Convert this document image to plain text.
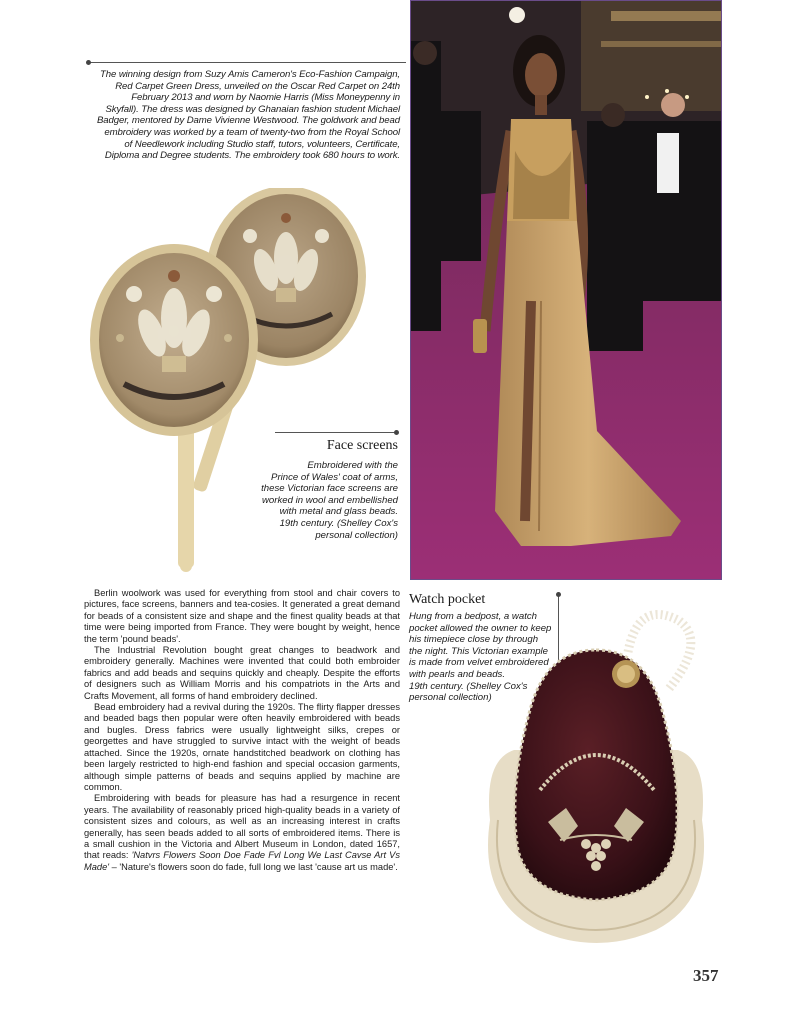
The winning design from Suzy Amis Cameron's Eco-Fashion Campaign,
Red Carpet Green Dress, unveiled on the Oscar Red Carpet on 24th
February 2013 and worn by Naomie Harris (Miss Moneypenny in
Skyfall). The dress was designed by Ghanaian fashion student Michael
Badger, mentored by Dame Vivienne Westwood. The goldwork and bead
embroidery was worked by a team of twenty-two from the Royal School
of Needlework including Studio staff, tutors, volunteers, Certificate,
Diploma and Degree students. The embroidery took 680 hours to work.
Face screens
Embroidered with the
Prince of Wales' coat of arms,
these Victorian face screens are
worked in wool and embellished
with metal and glass beads.
19th century. (Shelley Cox's
personal collection)
Watch pocket
Hung from a bedpost, a watch
pocket allowed the owner to keep
his timepiece close by through
the night. This Victorian example
is made from velvet embroidered
with pearls and beads.
19th century. (Shelley Cox's
personal collection)

Berlin woolwork was used for everything from stool and chair covers to pictures, face screens, banners and tea-cosies. It generated a great demand for beads of a consistent size and shape and the finest quality beads at that time were being imported from France. They were bought by weight, hence the term 'pound beads'.

The Industrial Revolution bought great changes to beadwork and embroidery generally. Machines were invented that could both embroider fabrics and add beads and sequins quickly and cheaply. Despite the efforts of designers such as William Morris and his compatriots in the Arts and Crafts Movement, all forms of hand embroidery declined.

Bead embroidery had a revival during the 1920s. The flirty flapper dresses and beaded bags then popular were often heavily embroidered with beads and bugles. Dress fabrics were usually lightweight silks, crepes or georgettes and have struggled to survive intact with the weight of beads attached. Since the 1920s, ornate handstitched beadwork on clothing has been largely restricted to high-end fashion and special occasion garments, although simple patterns of beads and sequins applied by machine are common.

Embroidering with beads for pleasure has had a resurgence in recent years. The availability of reasonably priced high-quality beads in a variety of consistent sizes and colours, as well as an increasing interest in crafts generally, has seen beads added to all sorts of embroidered items. There is a small cushion in the Victoria and Albert Museum in London, dated 1657, that reads: 'Natvrs Flowers Soon Doe Fade Fvl Long We Last Cavse Art Vs Made' – 'Nature's flowers soon do fade, full long we last 'cause art us made'.

357
